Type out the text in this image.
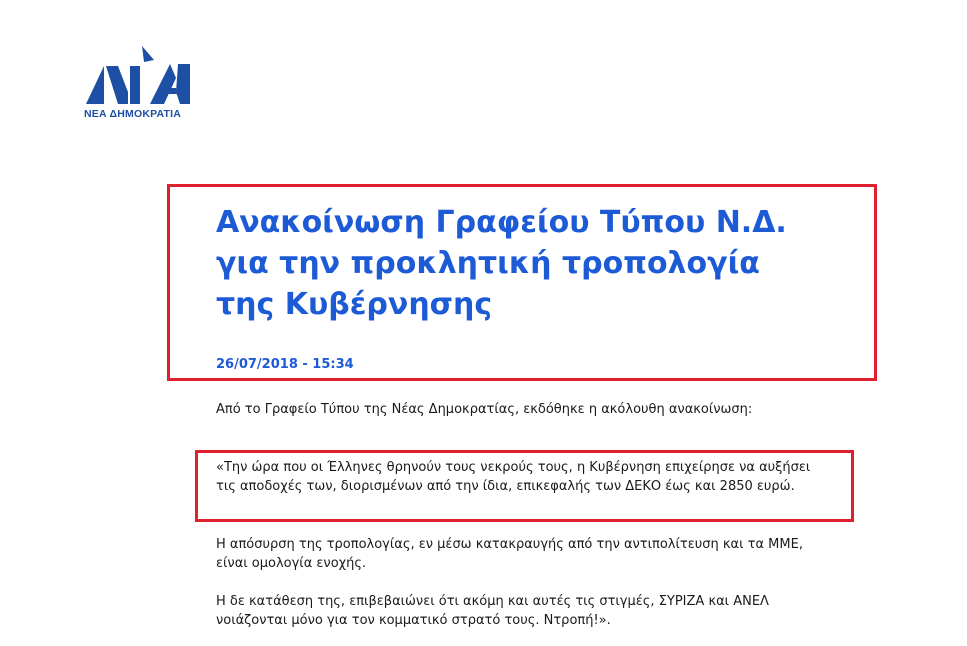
ΝΕΑ ΔΗΜΟΚΡΑΤΙΑ
Ανακοίνωση Γραφείου Τύπου Ν.Δ.
για την προκλητική τροπολογία
της Κυβέρνησης
26/07/2018 - 15:34

Από το Γραφείο Τύπου της Νέας Δημοκρατίας, εκδόθηκε η ακόλουθη ανακοίνωση:

«Την ώρα που οι Έλληνες θρηνούν τους νεκρούς τους, η Κυβέρνηση επιχείρησε να αυξήσει τις αποδοχές των, διορισμένων από την ίδια, επικεφαλής των ΔΕΚΟ έως και 2850 ευρώ.

Η απόσυρση της τροπολογίας, εν μέσω κατακραυγής από την αντιπολίτευση και τα ΜΜΕ, είναι ομολογία ενοχής.

Η δε κατάθεση της, επιβεβαιώνει ότι ακόμη και αυτές τις στιγμές, ΣΥΡΙΖΑ και ΑΝΕΛ νοιάζονται μόνο για τον κομματικό στρατό τους. Ντροπή!».
